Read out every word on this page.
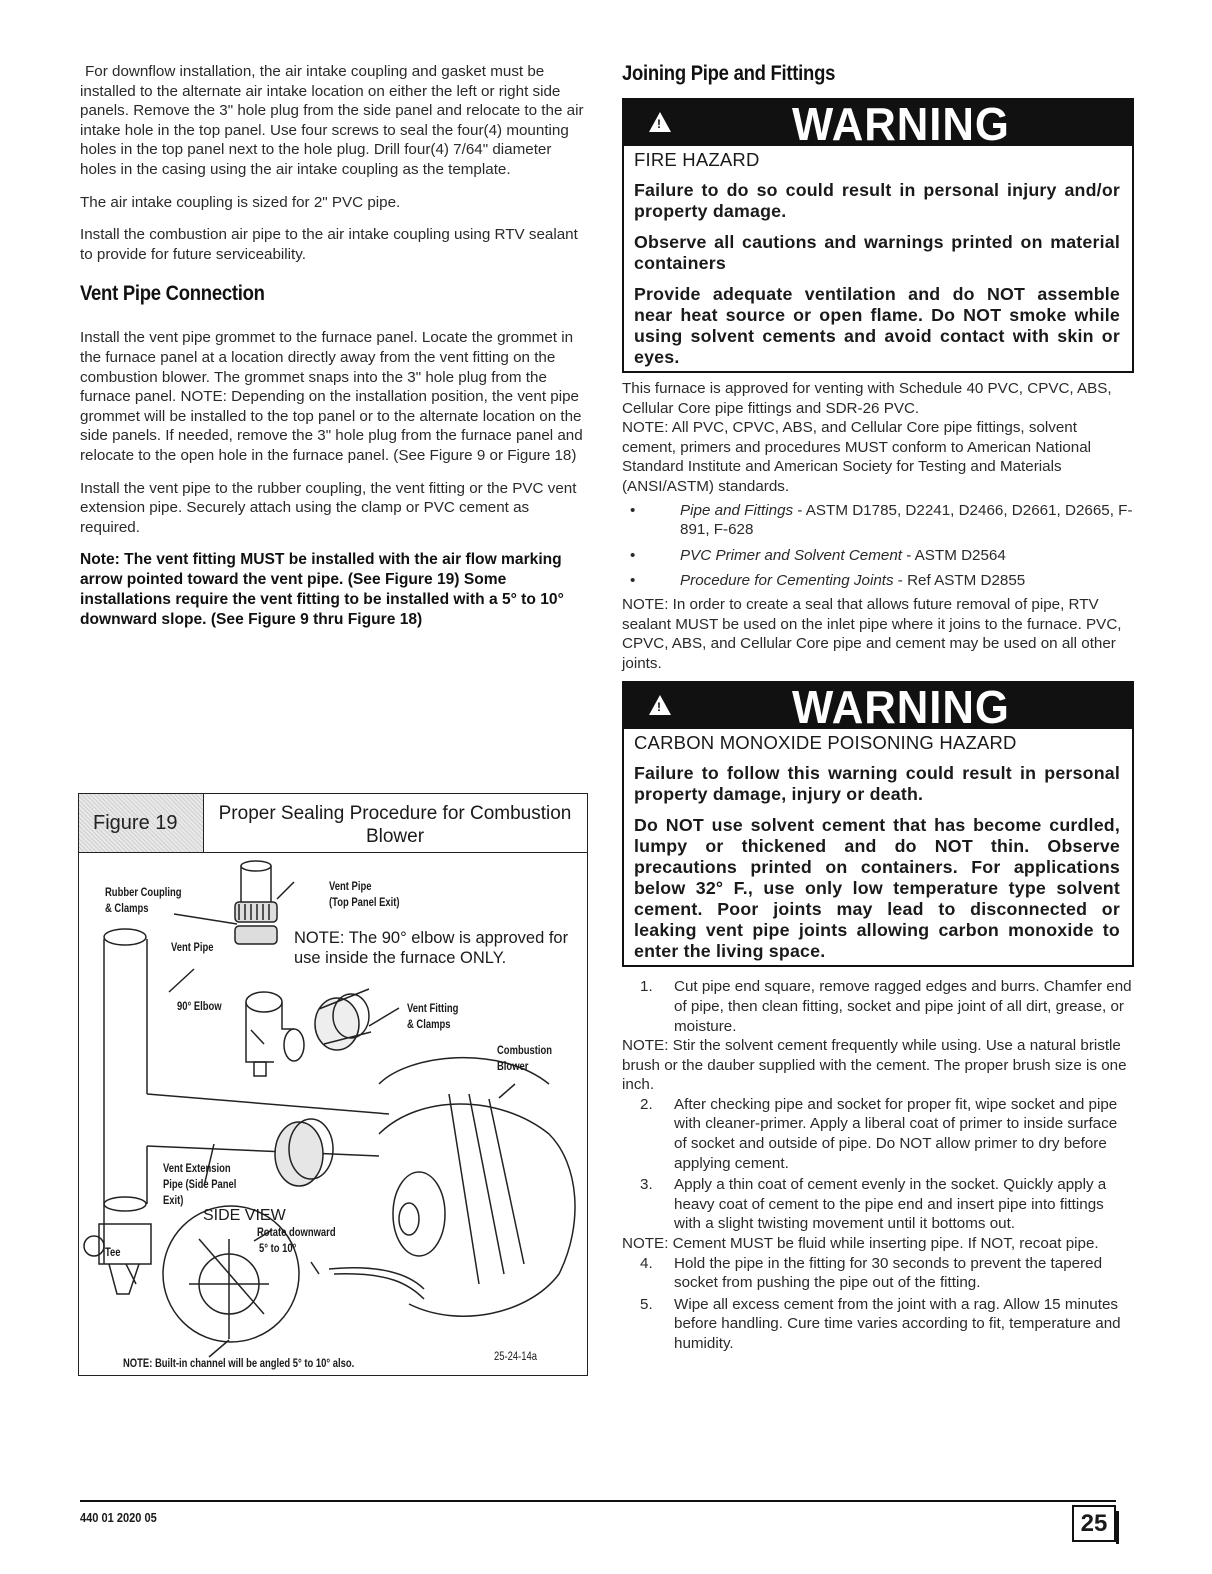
For downflow installation, the air intake coupling and gasket must be installed to the alternate air intake location on either the left or right side panels. Remove the 3" hole plug from the side panel and relocate to the air intake hole in the top panel. Use four screws to seal the four(4) mounting holes in the top panel next to the hole plug. Drill four(4) 7/64" diameter holes in the casing using the air intake coupling as the template.

The air intake coupling is sized for 2" PVC pipe.

Install the combustion air pipe to the air intake coupling using RTV sealant to provide for future serviceability.

Vent Pipe Connection

Install the vent pipe grommet to the furnace panel. Locate the grommet in the furnace panel at a location directly away from the vent fitting on the combustion blower. The grommet snaps into the 3" hole plug from the furnace panel. NOTE: Depending on the installation position, the vent pipe grommet will be installed to the top panel or to the alternate location on the side panels. If needed, remove the 3" hole plug from the furnace panel and relocate to the open hole in the furnace panel. (See Figure 9 or Figure 18)

Install the vent pipe to the rubber coupling, the vent fitting or the PVC vent extension pipe. Securely attach using the clamp or PVC cement as required.

Note: The vent fitting MUST be installed with the air flow marking arrow pointed toward the vent pipe. (See Figure 19) Some installations require the vent fitting to be installed with a 5° to 10° downward slope. (See Figure 9 thru Figure 18)

Figure 19	Proper Sealing Procedure for Combustion Blower
Rubber Coupling
& Clamps
Vent Pipe
Vent Pipe
(Top Panel Exit)
NOTE: The 90° elbow is approved for use inside the furnace ONLY.
90° Elbow	Vent Fitting
& Clamps
Combustion
Blower
Vent Extension
Pipe (Side Panel
Exit)
SIDE VIEW
Rotate downward
5° to 10°
Tee
NOTE: Built-in channel will be angled 5° to 10° also.
25-24-14a
Joining Pipe and Fittings
!	WARNING
FIRE HAZARD
Failure to do so could result in personal injury and/or property damage.
Observe all cautions and warnings printed on material containers
Provide adequate ventilation and do NOT assemble near heat source or open flame. Do NOT smoke while using solvent cements and avoid contact with skin or eyes.

This furnace is approved for venting with Schedule 40 PVC, CPVC, ABS, Cellular Core pipe fittings and SDR-26 PVC.

NOTE: All PVC, CPVC, ABS, and Cellular Core pipe fittings, solvent cement, primers and procedures MUST conform to American National Standard Institute and American Society for Testing and Materials (ANSI/ASTM) standards.

•	Pipe and Fittings - ASTM D1785, D2241, D2466, D2661, D2665, F-891, F-628
•	PVC Primer and Solvent Cement - ASTM D2564
•	Procedure for Cementing Joints - Ref ASTM D2855

NOTE: In order to create a seal that allows future removal of pipe, RTV sealant MUST be used on the inlet pipe where it joins to the furnace. PVC, CPVC, ABS, and Cellular Core pipe and cement may be used on all other joints.

!	WARNING
CARBON MONOXIDE POISONING HAZARD
Failure to follow this warning could result in personal property damage, injury or death.
Do NOT use solvent cement that has become curdled, lumpy or thickened and do NOT thin. Observe precautions printed on containers. For applications below 32° F., use only low temperature type solvent cement. Poor joints may lead to disconnected or leaking vent pipe joints allowing carbon monoxide to enter the living space.
1. Cut pipe end square, remove ragged edges and burrs. Chamfer end of pipe, then clean fitting, socket and pipe joint of all dirt, grease, or moisture.

NOTE: Stir the solvent cement frequently while using. Use a natural bristle brush or the dauber supplied with the cement. The proper brush size is one inch.

2. After checking pipe and socket for proper fit, wipe socket and pipe with cleaner-primer. Apply a liberal coat of primer to inside surface of socket and outside of pipe. Do NOT allow primer to dry before applying cement.
3. Apply a thin coat of cement evenly in the socket. Quickly apply a heavy coat of cement to the pipe end and insert pipe into fittings with a slight twisting movement until it bottoms out.

NOTE: Cement MUST be fluid while inserting pipe. If NOT, recoat pipe.

4. Hold the pipe in the fitting for 30 seconds to prevent the tapered socket from pushing the pipe out of the fitting.
5. Wipe all excess cement from the joint with a rag. Allow 15 minutes before handling. Cure time varies according to fit, temperature and humidity.
440 01 2020 05	25
